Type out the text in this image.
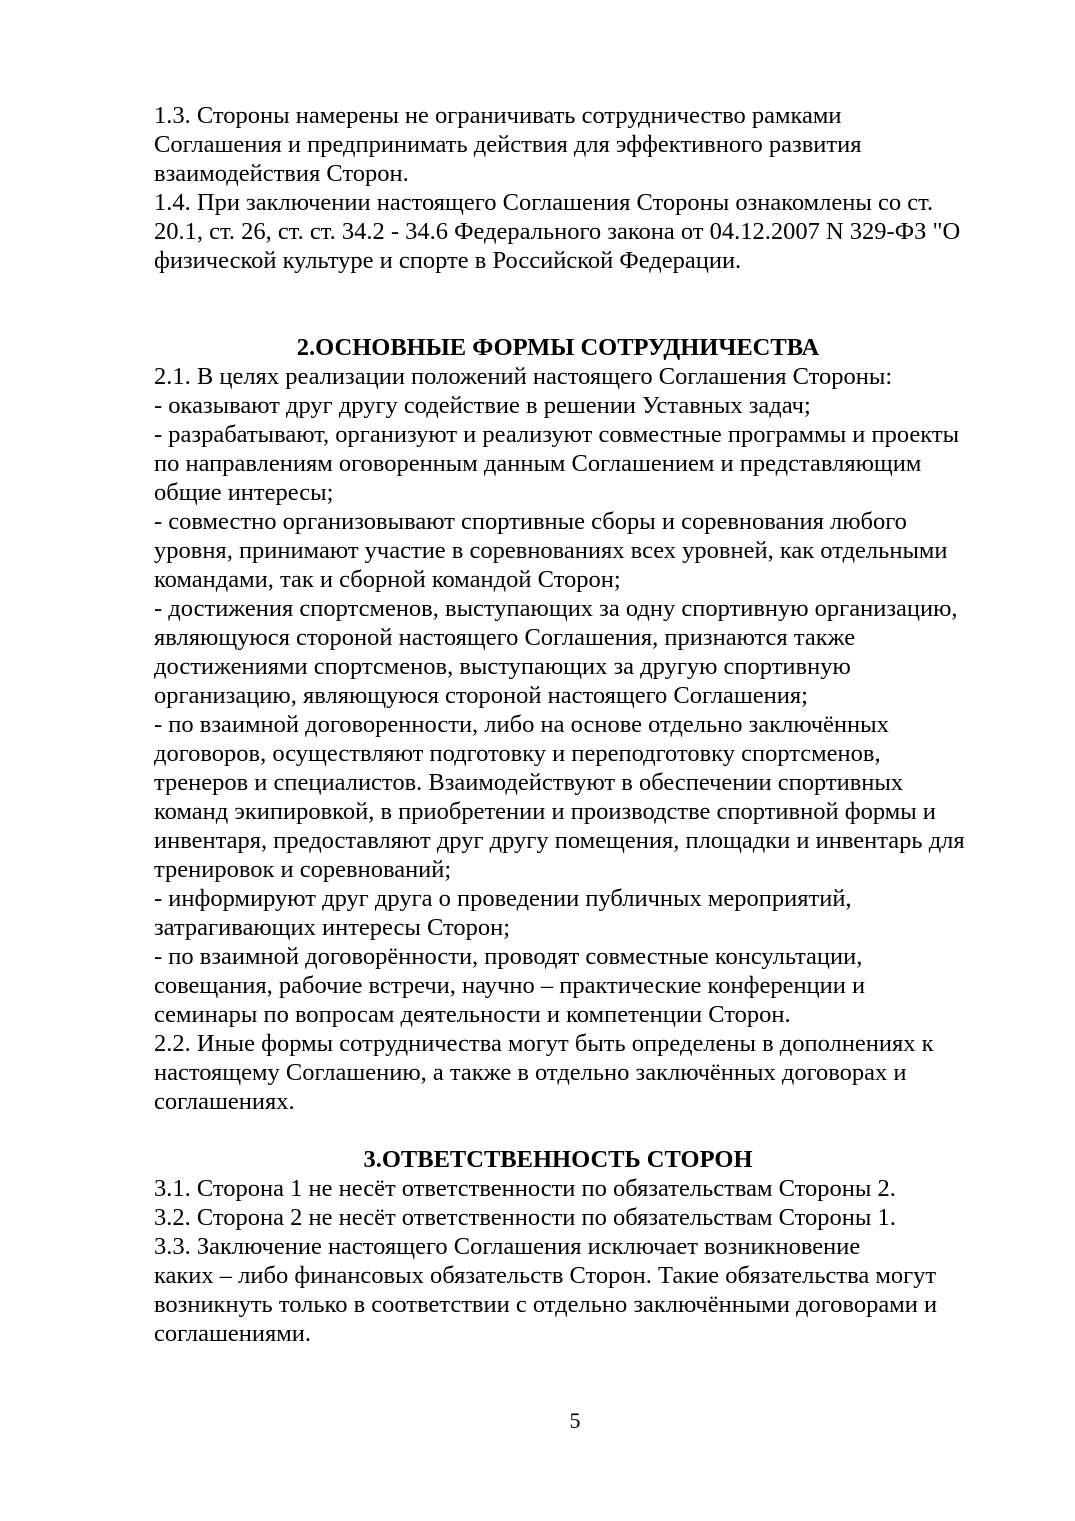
1.3. Стороны намерены не ограничивать сотрудничество рамками

Соглашения и предпринимать действия для эффективного развития

взаимодействия Сторон.

1.4. При заключении настоящего Соглашения Стороны ознакомлены со ст.

20.1, ст. 26, ст. ст. 34.2 - 34.6 Федерального закона от 04.12.2007 N 329-ФЗ "О

физической культуре и спорте в Российской Федерации.

2.ОСНОВНЫЕ ФОРМЫ СОТРУДНИЧЕСТВА

2.1. В целях реализации положений настоящего Соглашения Стороны:

- оказывают друг другу содействие в решении Уставных задач;

- разрабатывают, организуют и реализуют совместные программы и проекты

по направлениям оговоренным данным Соглашением и представляющим

общие интересы;

- совместно организовывают спортивные сборы и соревнования любого

уровня, принимают участие в соревнованиях всех уровней, как отдельными

командами, так и сборной командой Сторон;

- достижения спортсменов, выступающих за одну спортивную организацию,

являющуюся стороной настоящего Соглашения, признаются также

достижениями спортсменов, выступающих за другую спортивную

организацию, являющуюся стороной настоящего Соглашения;

- по взаимной договоренности, либо на основе отдельно заключённых

договоров, осуществляют подготовку и переподготовку спортсменов,

тренеров и специалистов. Взаимодействуют в обеспечении спортивных

команд экипировкой, в приобретении и производстве спортивной формы и

инвентаря, предоставляют друг другу помещения, площадки и инвентарь для

тренировок и соревнований;

- информируют друг друга о проведении публичных мероприятий,

затрагивающих интересы Сторон;

- по взаимной договорённости, проводят совместные консультации,

совещания, рабочие встречи, научно – практические конференции и

семинары по вопросам деятельности и компетенции Сторон.

2.2. Иные формы сотрудничества могут быть определены в дополнениях к

настоящему Соглашению, а также в отдельно заключённых договорах и

соглашениях.

3.ОТВЕТСТВЕННОСТЬ СТОРОН

3.1. Сторона 1 не несёт ответственности по обязательствам Стороны 2.

3.2. Сторона 2 не несёт ответственности по обязательствам Стороны 1.

3.3. Заключение настоящего Соглашения исключает возникновение

каких – либо финансовых обязательств Сторон. Такие обязательства могут

возникнуть только в соответствии с отдельно заключёнными договорами и

соглашениями.

5
